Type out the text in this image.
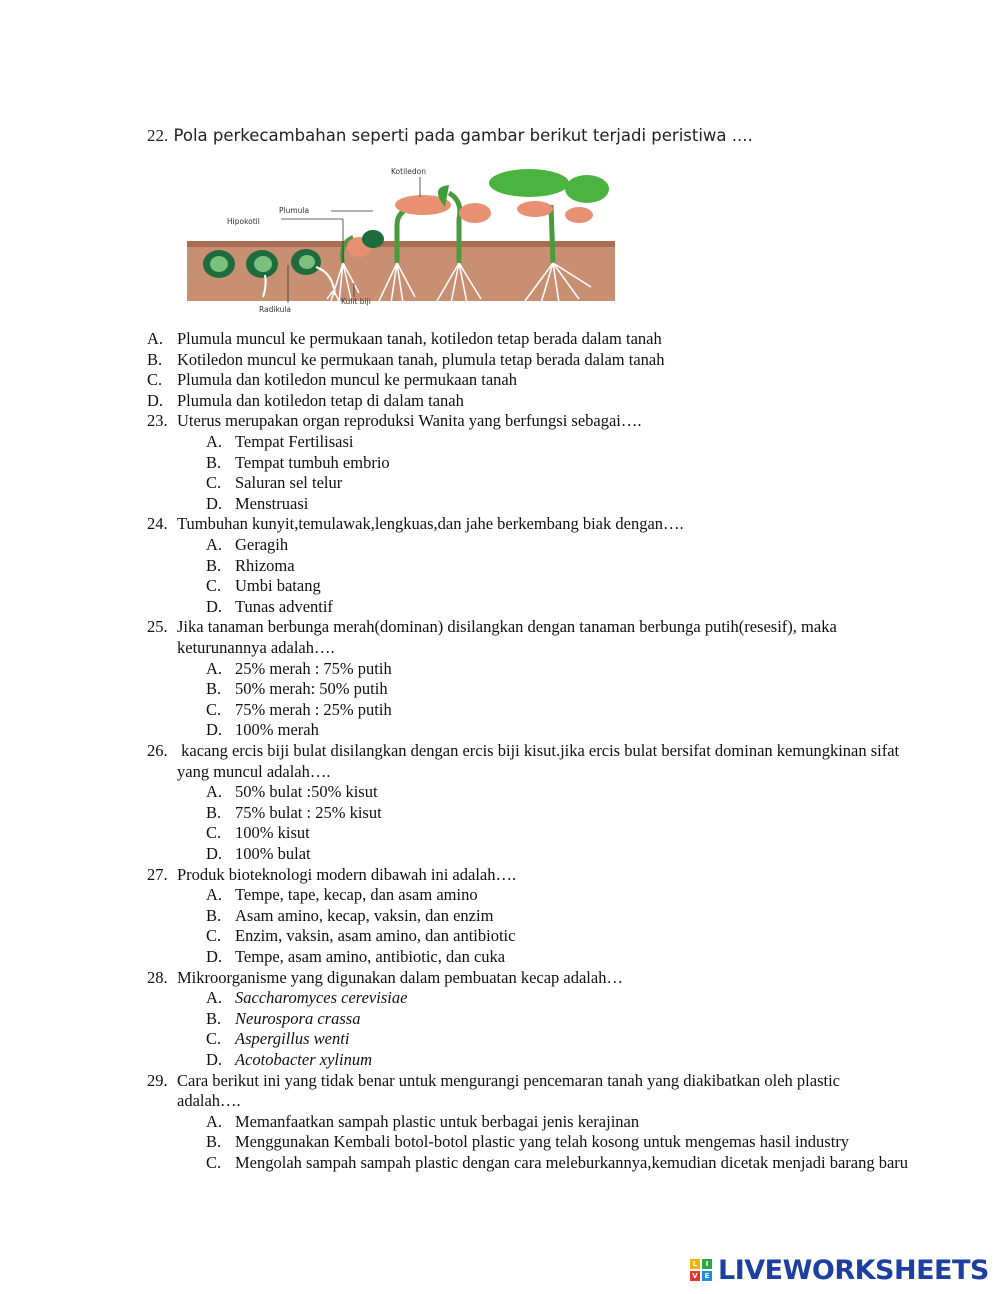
22. Pola perkecambahan seperti pada gambar berikut terjadi peristiwa ....
Kotiledon
Plumula
Hipokotil
Radikula
Kulit biji
A. Plumula muncul ke permukaan tanah, kotiledon tetap berada dalam tanah
B. Kotiledon muncul ke permukaan tanah, plumula tetap berada dalam tanah
C. Plumula dan kotiledon muncul ke permukaan tanah
D. Plumula dan kotiledon tetap di dalam tanah
23. Uterus merupakan organ reproduksi Wanita yang berfungsi sebagai….
A. Tempat Fertilisasi
B. Tempat tumbuh embrio
C. Saluran sel telur
D. Menstruasi
24. Tumbuhan kunyit,temulawak,lengkuas,dan jahe berkembang biak dengan….
A. Geragih
B. Rhizoma
C. Umbi batang
D. Tunas adventif
25. Jika tanaman berbunga merah(dominan) disilangkan dengan tanaman berbunga putih(resesif), maka
keturunannya adalah….
A. 25% merah : 75% putih
B. 50% merah: 50% putih
C. 75% merah : 25% putih
D. 100% merah
26. kacang ercis biji bulat disilangkan dengan ercis biji kisut.jika ercis bulat bersifat dominan kemungkinan sifat
yang muncul adalah….
A. 50% bulat :50% kisut
B. 75% bulat : 25% kisut
C. 100% kisut
D. 100% bulat
27. Produk bioteknologi modern dibawah ini adalah….
A. Tempe, tape, kecap, dan asam amino
B. Asam amino, kecap, vaksin, dan enzim
C. Enzim, vaksin, asam amino, dan antibiotic
D. Tempe, asam amino, antibiotic, dan cuka
28. Mikroorganisme yang digunakan dalam pembuatan kecap adalah…
A. Saccharomyces cerevisiae
B. Neurospora crassa
C. Aspergillus wenti
D. Acotobacter xylinum
29. Cara berikut ini yang tidak benar untuk mengurangi pencemaran tanah yang diakibatkan oleh plastic
adalah….
A. Memanfaatkan sampah plastic untuk berbagai jenis kerajinan
B. Menggunakan Kembali botol-botol plastic yang telah kosong untuk mengemas hasil industry
C. Mengolah sampah sampah plastic dengan cara meleburkannya,kemudian dicetak menjadi barang baru
L	I
V E LIVEWORKSHEETS
